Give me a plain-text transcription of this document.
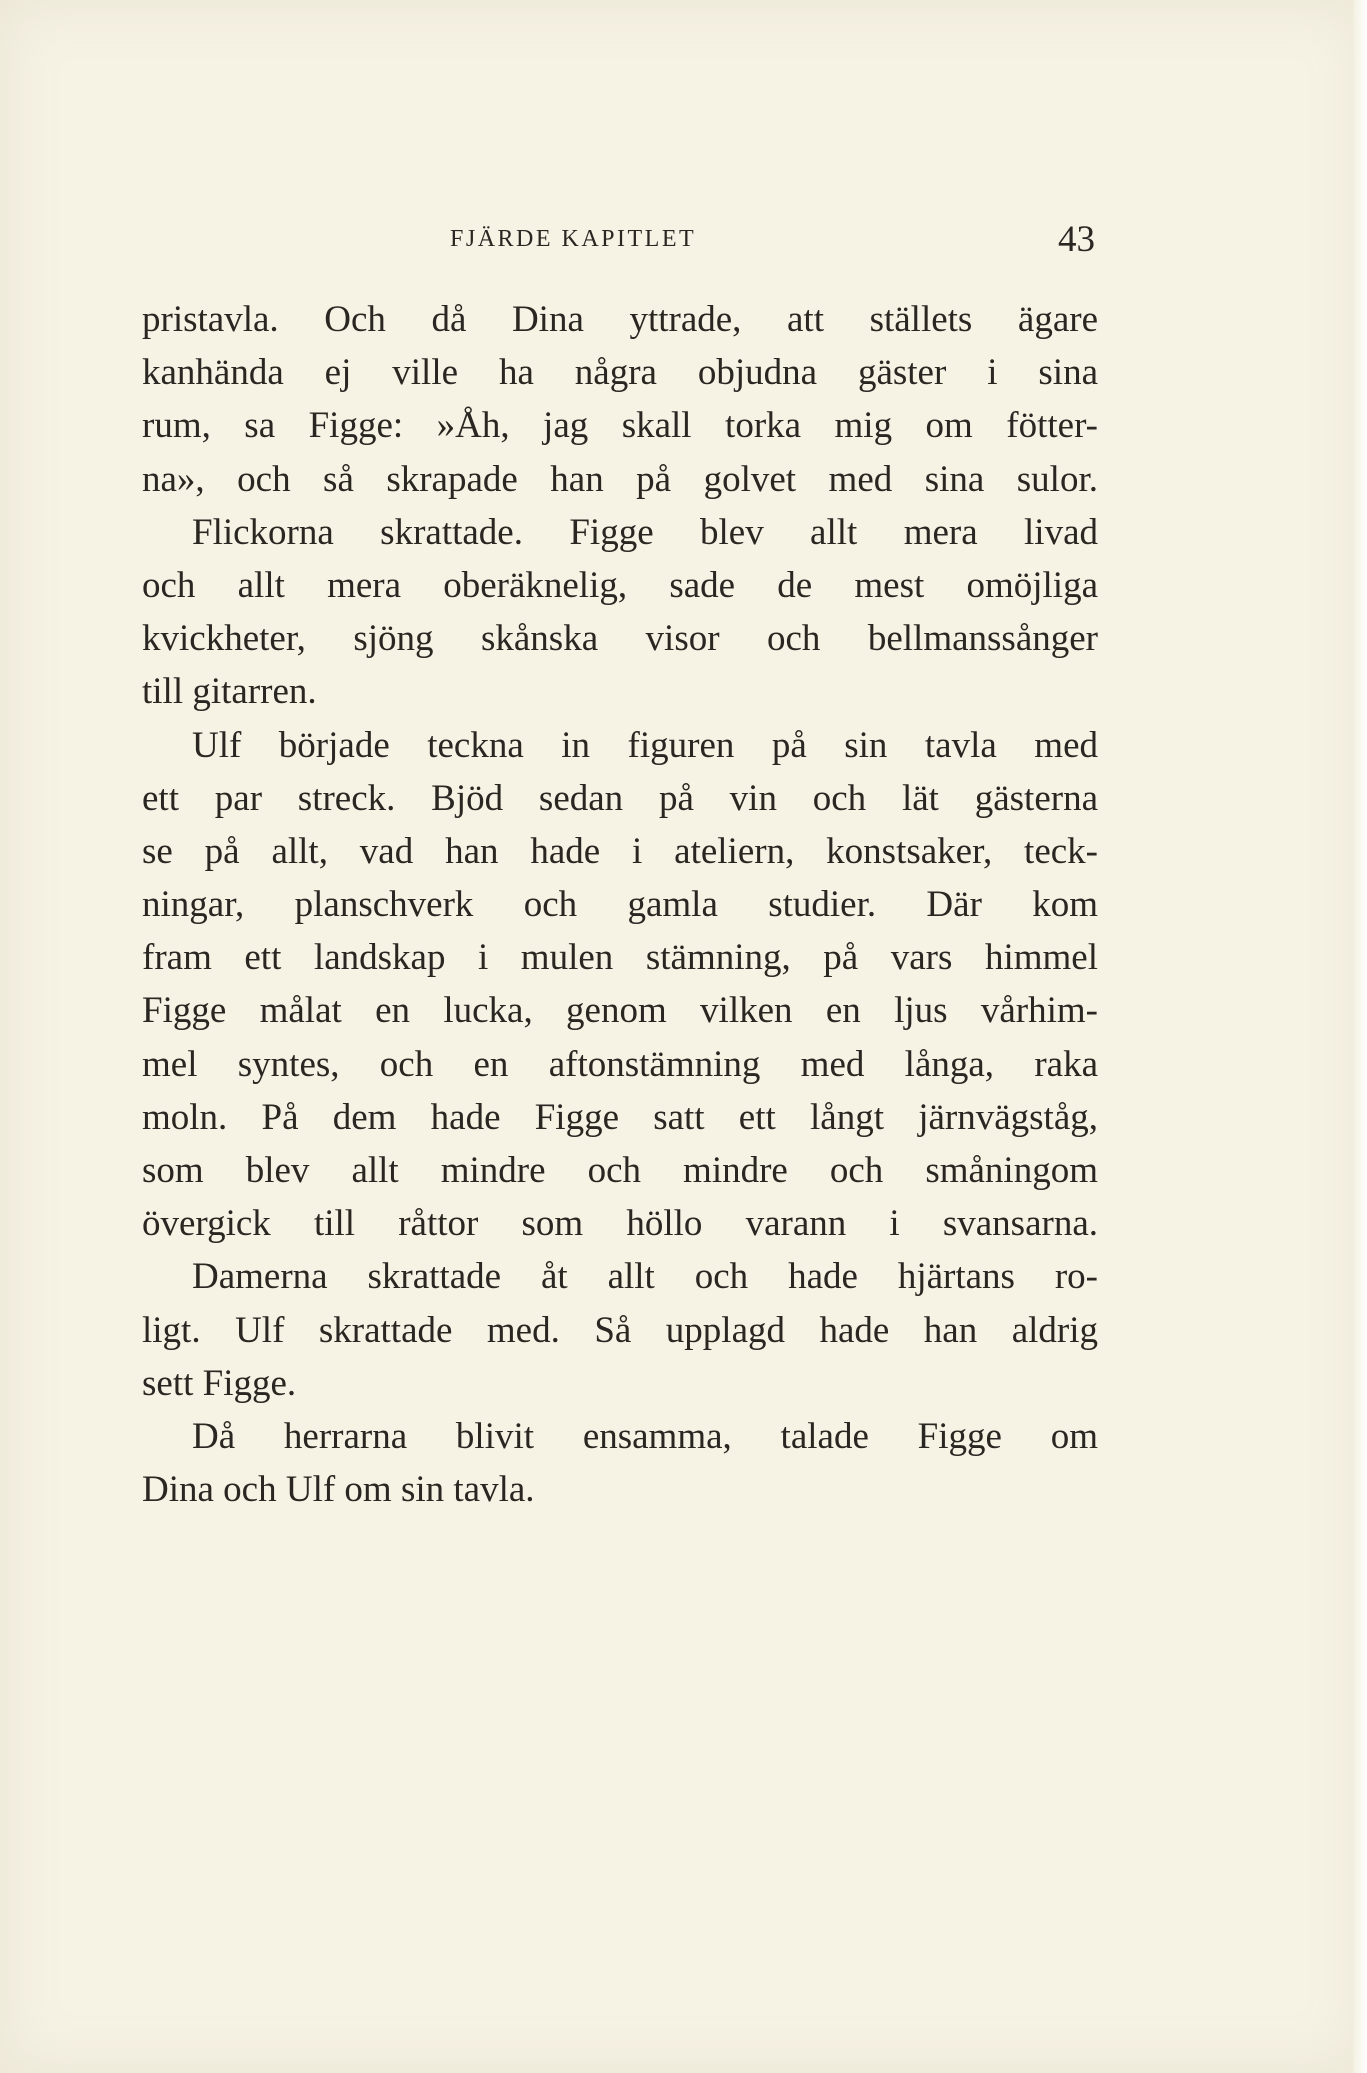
FJÄRDE KAPITLET	43
pristavla. Och då Dina yttrade, att ställets ägare
kanhända ej ville ha några objudna gäster i sina
rum, sa Figge: »Åh, jag skall torka mig om fötter-
na», och så skrapade han på golvet med sina sulor.
Flickorna skrattade. Figge blev allt mera livad
och allt mera oberäknelig, sade de mest omöjliga
kvickheter, sjöng skånska visor och bellmanssånger
till gitarren.
Ulf började teckna in figuren på sin tavla med
ett par streck. Bjöd sedan på vin och lät gästerna
se på allt, vad han hade i ateliern, konstsaker, teck-
ningar, planschverk och gamla studier. Där kom
fram ett landskap i mulen stämning, på vars himmel
Figge målat en lucka, genom vilken en ljus vårhim-
mel syntes, och en aftonstämning med långa, raka
moln. På dem hade Figge satt ett långt järnvägståg,
som blev allt mindre och mindre och småningom
övergick till råttor som höllo varann i svansarna.
Damerna skrattade åt allt och hade hjärtans ro-
ligt. Ulf skrattade med. Så upplagd hade han aldrig
sett Figge.
Då herrarna blivit ensamma, talade Figge om
Dina och Ulf om sin tavla.
